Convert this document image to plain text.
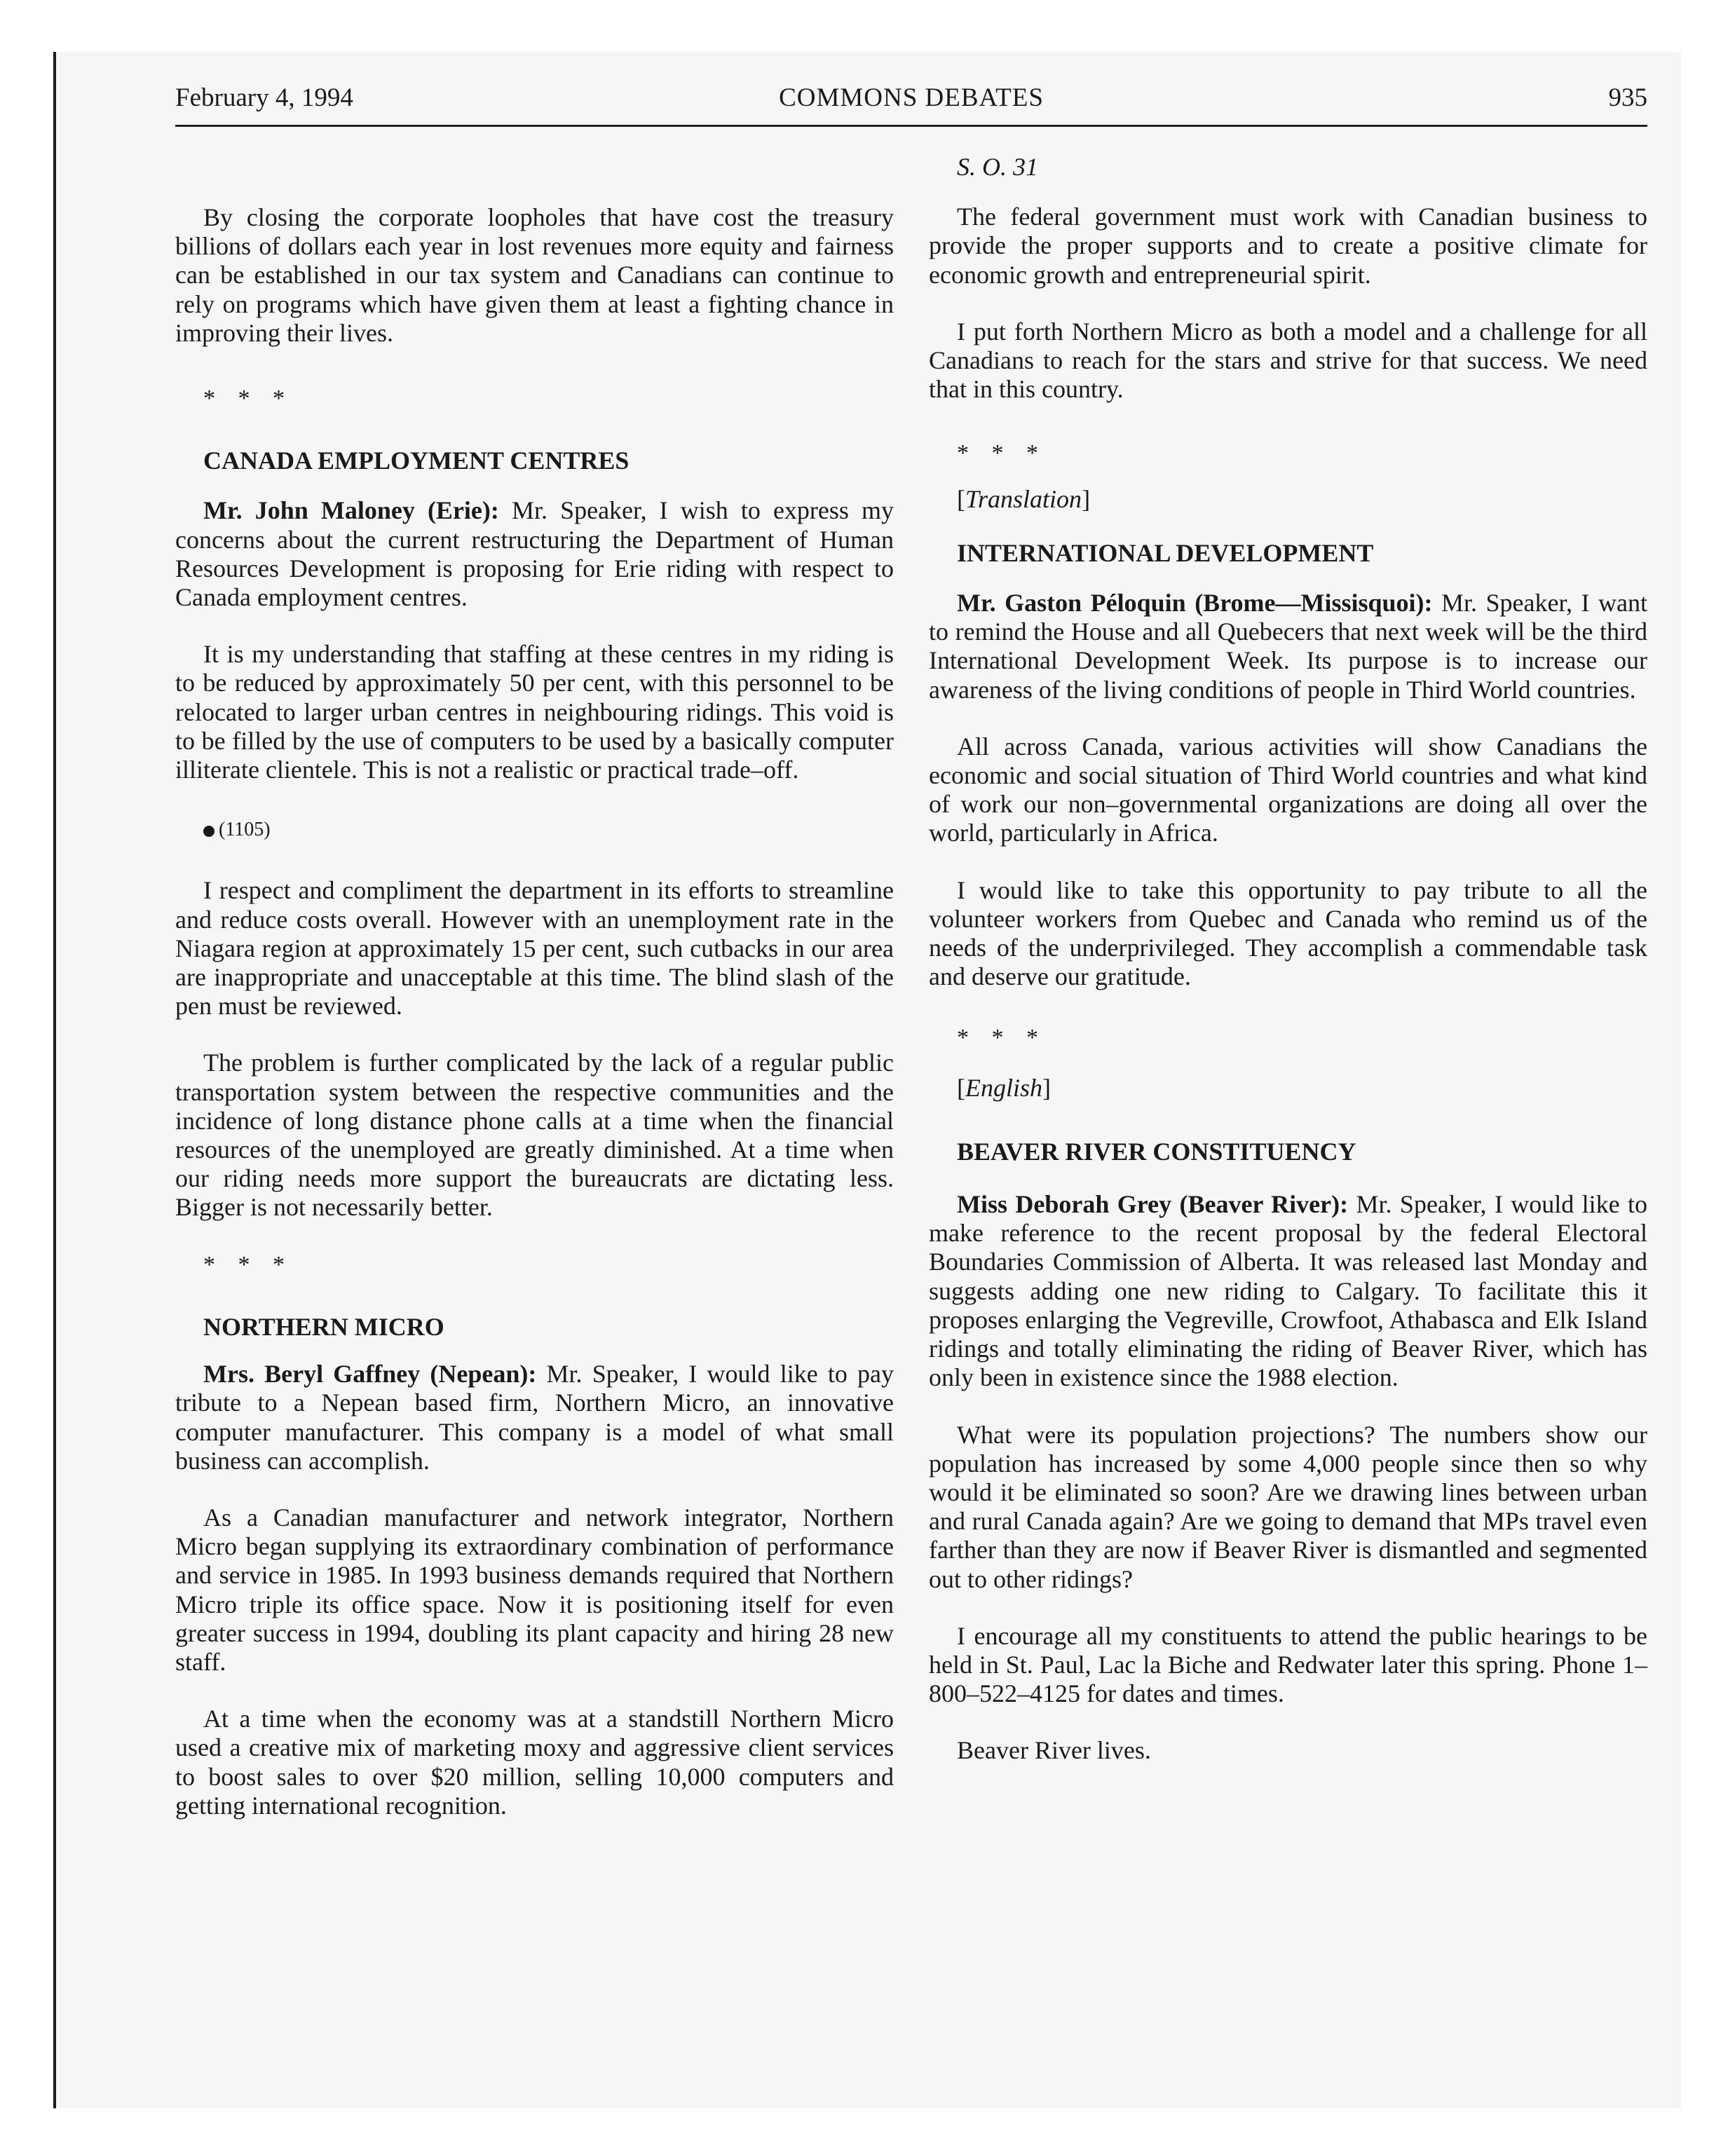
February 4, 1994	COMMONS DEBATES	935

By closing the corporate loopholes that have cost the treasury billions of dollars each year in lost revenues more equity and fairness can be established in our tax system and Canadians can continue to rely on programs which have given them at least a fighting chance in improving their lives.

* * *

CANADA EMPLOYMENT CENTRES

Mr. John Maloney (Erie): Mr. Speaker, I wish to express my concerns about the current restructuring the Department of Human Resources Development is proposing for Erie riding with respect to Canada employment centres.

It is my understanding that staffing at these centres in my riding is to be reduced by approximately 50 per cent, with this personnel to be relocated to larger urban centres in neighbouring ridings. This void is to be filled by the use of computers to be used by a basically computer illiterate clientele. This is not a realistic or practical trade–off.

(1105)

I respect and compliment the department in its efforts to streamline and reduce costs overall. However with an unemployment rate in the Niagara region at approximately 15 per cent, such cutbacks in our area are inappropriate and unacceptable at this time. The blind slash of the pen must be reviewed.

The problem is further complicated by the lack of a regular public transportation system between the respective communities and the incidence of long distance phone calls at a time when the financial resources of the unemployed are greatly diminished. At a time when our riding needs more support the bureaucrats are dictating less. Bigger is not necessarily better.

* * *

NORTHERN MICRO

Mrs. Beryl Gaffney (Nepean): Mr. Speaker, I would like to pay tribute to a Nepean based firm, Northern Micro, an innovative computer manufacturer. This company is a model of what small business can accomplish.

As a Canadian manufacturer and network integrator, Northern Micro began supplying its extraordinary combination of performance and service in 1985. In 1993 business demands required that Northern Micro triple its office space. Now it is positioning itself for even greater success in 1994, doubling its plant capacity and hiring 28 new staff.

At a time when the economy was at a standstill Northern Micro used a creative mix of marketing moxy and aggressive client services to boost sales to over $20 million, selling 10,000 computers and getting international recognition.

S. O. 31

The federal government must work with Canadian business to provide the proper supports and to create a positive climate for economic growth and entrepreneurial spirit.

I put forth Northern Micro as both a model and a challenge for all Canadians to reach for the stars and strive for that success. We need that in this country.

* * *

[Translation]

INTERNATIONAL DEVELOPMENT

Mr. Gaston Péloquin (Brome—Missisquoi): Mr. Speaker, I want to remind the House and all Quebecers that next week will be the third International Development Week. Its purpose is to increase our awareness of the living conditions of people in Third World countries.

All across Canada, various activities will show Canadians the economic and social situation of Third World countries and what kind of work our non–governmental organizations are doing all over the world, particularly in Africa.

I would like to take this opportunity to pay tribute to all the volunteer workers from Quebec and Canada who remind us of the needs of the underprivileged. They accomplish a commendable task and deserve our gratitude.

* * *

[English]

BEAVER RIVER CONSTITUENCY

Miss Deborah Grey (Beaver River): Mr. Speaker, I would like to make reference to the recent proposal by the federal Electoral Boundaries Commission of Alberta. It was released last Monday and suggests adding one new riding to Calgary. To facilitate this it proposes enlarging the Vegreville, Crowfoot, Athabasca and Elk Island ridings and totally eliminating the riding of Beaver River, which has only been in existence since the 1988 election.

What were its population projections? The numbers show our population has increased by some 4,000 people since then so why would it be eliminated so soon? Are we drawing lines between urban and rural Canada again? Are we going to demand that MPs travel even farther than they are now if Beaver River is dismantled and segmented out to other ridings?

I encourage all my constituents to attend the public hearings to be held in St. Paul, Lac la Biche and Redwater later this spring. Phone 1–800–522–4125 for dates and times.

Beaver River lives.
